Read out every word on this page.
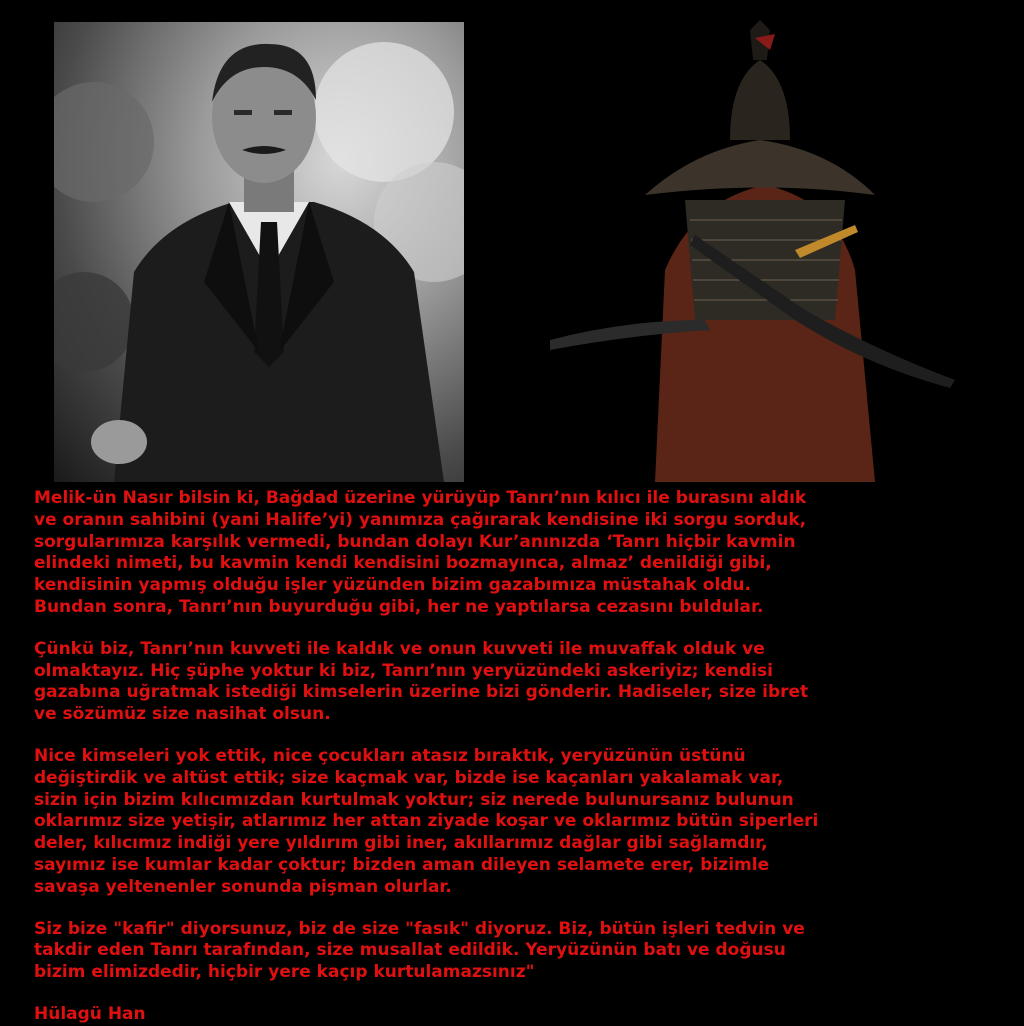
Melik-ün Nasır bilsin ki, Bağdad üzerine yürüyüp Tanrı’nın kılıcı ile burasını aldık
ve oranın sahibini (yani Halife’yi) yanımıza çağırarak kendisine iki sorgu sorduk,
sorgularımıza karşılık vermedi, bundan dolayı Kur’anınızda ‘Tanrı hiçbir kavmin
elindeki nimeti, bu kavmin kendi kendisini bozmayınca, almaz’ denildiği gibi,
kendisinin yapmış olduğu işler yüzünden bizim gazabımıza müstahak oldu.
Bundan sonra, Tanrı’nın buyurduğu gibi, her ne yaptılarsa cezasını buldular.

Çünkü biz, Tanrı’nın kuvveti ile kaldık ve onun kuvveti ile muvaffak olduk ve
olmaktayız. Hiç şüphe yoktur ki biz, Tanrı’nın yeryüzündeki askeriyiz; kendisi
gazabına uğratmak istediği kimselerin üzerine bizi gönderir. Hadiseler, size ibret
ve sözümüz size nasihat olsun.

Nice kimseleri yok ettik, nice çocukları atasız bıraktık, yeryüzünün üstünü
değiştirdik ve altüst ettik; size kaçmak var, bizde ise kaçanları yakalamak var,
sizin için bizim kılıcımızdan kurtulmak yoktur; siz nerede bulunursanız bulunun
oklarımız size yetişir, atlarımız her attan ziyade koşar ve oklarımız bütün siperleri
deler, kılıcımız indiği yere yıldırım gibi iner, akıllarımız dağlar gibi sağlamdır,
sayımız ise kumlar kadar çoktur; bizden aman dileyen selamete erer, bizimle
savaşa yeltenenler sonunda pişman olurlar.

Siz bize "kafir" diyorsunuz, biz de size "fasık" diyoruz. Biz, bütün işleri tedvin ve
takdir eden Tanrı tarafından, size musallat edildik. Yeryüzünün batı ve doğusu
bizim elimizdedir, hiçbir yere kaçıp kurtulamazsınız"

Hülagü Han
